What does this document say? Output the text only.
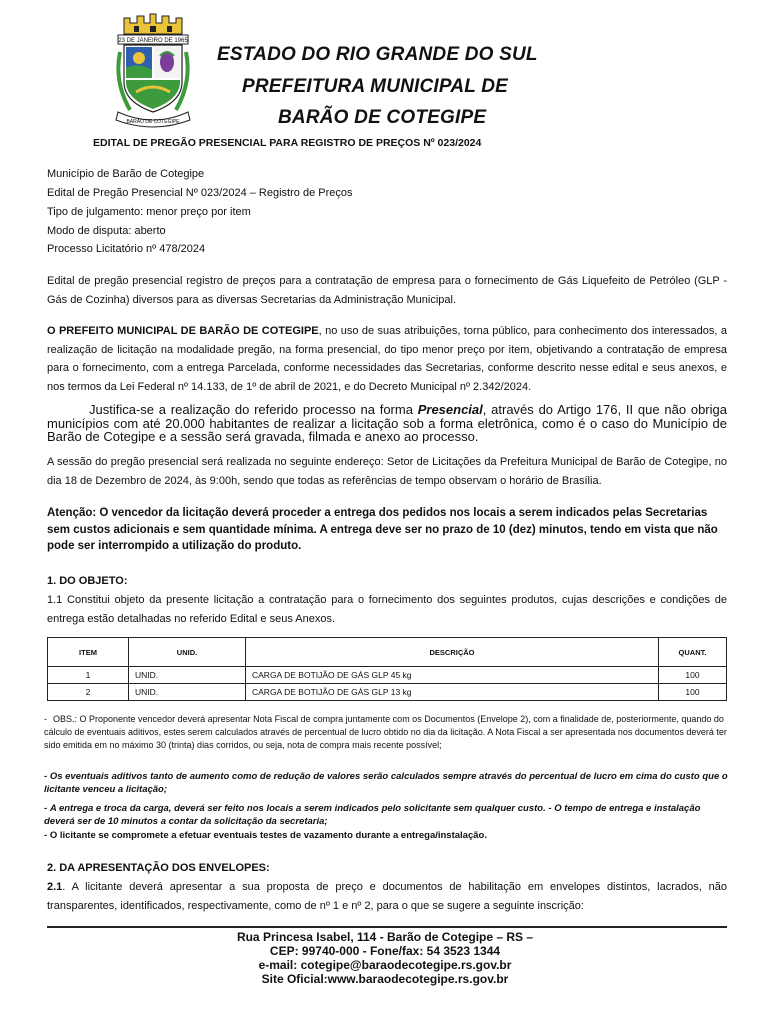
23 DE JANEIRO DE 1965
BARÃO DE COTEGIPE
ESTADO DO RIO GRANDE DO SUL
PREFEITURA MUNICIPAL DE
BARÃO DE COTEGIPE
EDITAL DE PREGÃO PRESENCIAL PARA REGISTRO DE PREÇOS Nº 023/2024
Município de Barão de Cotegipe
Edital de Pregão Presencial Nº 023/2024 – Registro de Preços
Tipo de julgamento: menor preço por item
Modo de disputa: aberto
Processo Licitatório nº 478/2024

Edital de pregão presencial registro de preços para a contratação de empresa para o fornecimento de Gás Liquefeito de Petróleo (GLP - Gás de Cozinha) diversos para as diversas Secretarias da Administração Municipal.

O PREFEITO MUNICIPAL DE BARÃO DE COTEGIPE, no uso de suas atribuições, torna público, para conhecimento dos interessados, a realização de licitação na modalidade pregão, na forma presencial, do tipo menor preço por item, objetivando a contratação de empresa para o fornecimento, com a entrega Parcelada, conforme necessidades das Secretarias, conforme descrito nesse edital e seus anexos, e nos termos da Lei Federal nº 14.133, de 1º de abril de 2021, e do Decreto Municipal nº 2.342/2024.

Justifica-se a realização do referido processo na forma Presencial, através do Artigo 176, II que não obriga municípios com até 20.000 habitantes de realizar a licitação sob a forma eletrônica, como é o caso do Município de Barão de Cotegipe e a sessão será gravada, filmada e anexo ao processo.

A sessão do pregão presencial será realizada no seguinte endereço: Setor de Licitações da Prefeitura Municipal de Barão de Cotegipe, no dia 18 de Dezembro de 2024, às 9:00h, sendo que todas as referências de tempo observam o horário de Brasília.

Atenção: O vencedor da licitação deverá proceder a entrega dos pedidos nos locais a serem indicados pelas Secretarias sem custos adicionais e sem quantidade mínima. A entrega deve ser no prazo de 10 (dez) minutos, tendo em vista que não pode ser interrompido a utilização do produto.

1. DO OBJETO:

1.1 Constitui objeto da presente licitação a contratação para o fornecimento dos seguintes produtos, cujas descrições e condições de entrega estão detalhadas no referido Edital e seus Anexos.

ITEM	UNID.	DESCRIÇÃO	QUANT.
1	UNID.	CARGA DE BOTIJÃO DE GÁS GLP 45 kg	100
2	UNID.	CARGA DE BOTIJÃO DE GÁS GLP 13 kg	100

- OBS.: O Proponente vencedor deverá apresentar Nota Fiscal de compra juntamente com os Documentos (Envelope 2), com a finalidade de, posteriormente, quando do cálculo de eventuais aditivos, estes serem calculados através de percentual de lucro obtido no dia da licitação. A Nota Fiscal a ser apresentada nos documentos deverá ter sido emitida em no máximo 30 (trinta) dias corridos, ou seja, nota de compra mais recente possível;

- Os eventuais aditivos tanto de aumento como de redução de valores serão calculados sempre através do percentual de lucro em cima do custo que o licitante venceu a licitação;

- A entrega e troca da carga, deverá ser feito nos locais a serem indicados pelo solicitante sem qualquer custo. - O tempo de entrega e instalação deverá ser de 10 minutos a contar da solicitação da secretaria;

- O licitante se compromete a efetuar eventuais testes de vazamento durante a entrega/instalação.

2. DA APRESENTAÇÃO DOS ENVELOPES:

2.1. A licitante deverá apresentar a sua proposta de preço e documentos de habilitação em envelopes distintos, lacrados, não transparentes, identificados, respectivamente, como de nº 1 e nº 2, para o que se sugere a seguinte inscrição:

Rua Princesa Isabel, 114 - Barão de Cotegipe – RS –
CEP: 99740-000 - Fone/fax: 54 3523 1344
e-mail: cotegipe@baraodecotegipe.rs.gov.br
Site Oficial:www.baraodecotegipe.rs.gov.br
